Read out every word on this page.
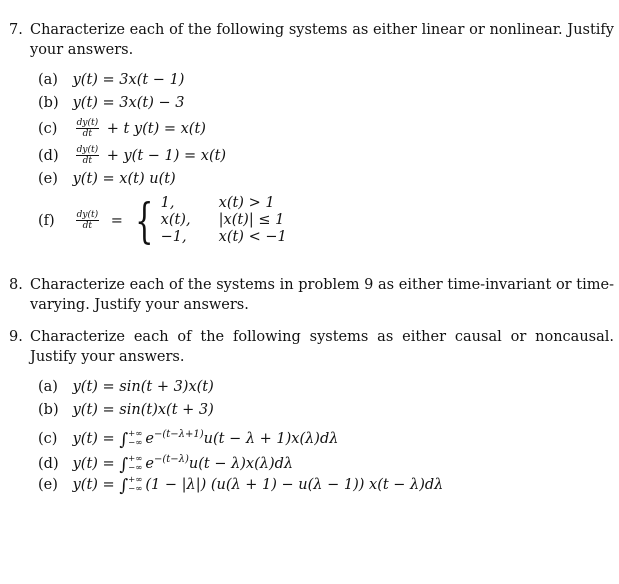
7. Characterize each of the following systems as either linear or nonlinear. Justify your answers.
(a) y(t) = 3x(t − 1)
(b) y(t) = 3x(t) − 3
$(c) \frac{dy(t)}{dt} + t$ y(t) = x(t)
$(d) \frac{dy(t)}{dt} + y(t - 1) = x(t)$
(e) y(t) = x(t) u(t)
$(f) \frac{dy(t)}{dt}$ = { 1,	x(t) > 1
x(t),	|x(t)| ≤ 1
−1,	x(t) < −1
8. Characterize each of the systems in problem 9 as either time-invariant or time-varying. Justify your answers.
9. Characterize each of the following systems as either causal or noncausal. Justify your answers.
(a) y(t) = sin(t + 3)x(t)
(b) y(t) = sin(t)x(t + 3)
(c) y(t) = ∫ +∞
−∞ $e^{-(t-\lambda+1)}u(t - \lambda + 1)x(\lambda)d\lambda$
(d) y(t) = ∫ +∞
−∞ $e^{-(t-\lambda)}u(t - \lambda)x(\lambda)d\lambda$
(e) y(t) = ∫ +∞
−∞ (1 − |λ|) (u(λ + 1) − u(λ − 1)) x(t − λ)dλ
